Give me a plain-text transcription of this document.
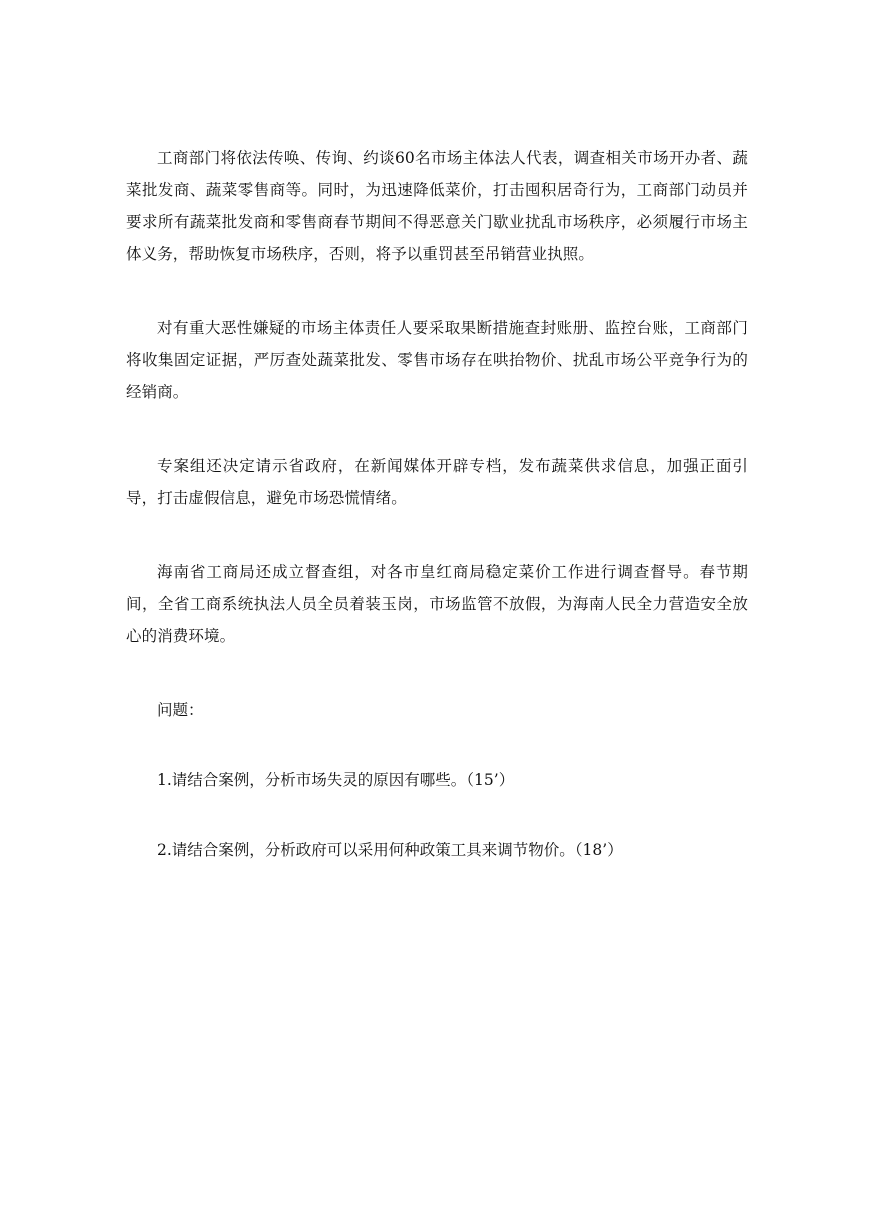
工商部门将依法传唤、传询、约谈60名市场主体法人代表，调查相关市场开办者、蔬菜批发商、蔬菜零售商等。同时，为迅速降低菜价，打击囤积居奇行为，工商部门动员并要求所有蔬菜批发商和零售商春节期间不得恶意关门歇业扰乱市场秩序，必须履行市场主体义务，帮助恢复市场秩序，否则，将予以重罚甚至吊销营业执照。

对有重大恶性嫌疑的市场主体责任人要采取果断措施查封账册、监控台账，工商部门将收集固定证据，严厉查处蔬菜批发、零售市场存在哄抬物价、扰乱市场公平竞争行为的经销商。

专案组还决定请示省政府，在新闻媒体开辟专档，发布蔬菜供求信息，加强正面引导，打击虚假信息，避免市场恐慌情绪。

海南省工商局还成立督查组，对各市皇红商局稳定菜价工作进行调查督导。春节期间，全省工商系统执法人员全员着装玉岗，市场监管不放假，为海南人民全力营造安全放心的消费环境。

问题：

1.请结合案例，分析市场失灵的原因有哪些。（15’）

2.请结合案例，分析政府可以采用何种政策工具来调节物价。（18’）
